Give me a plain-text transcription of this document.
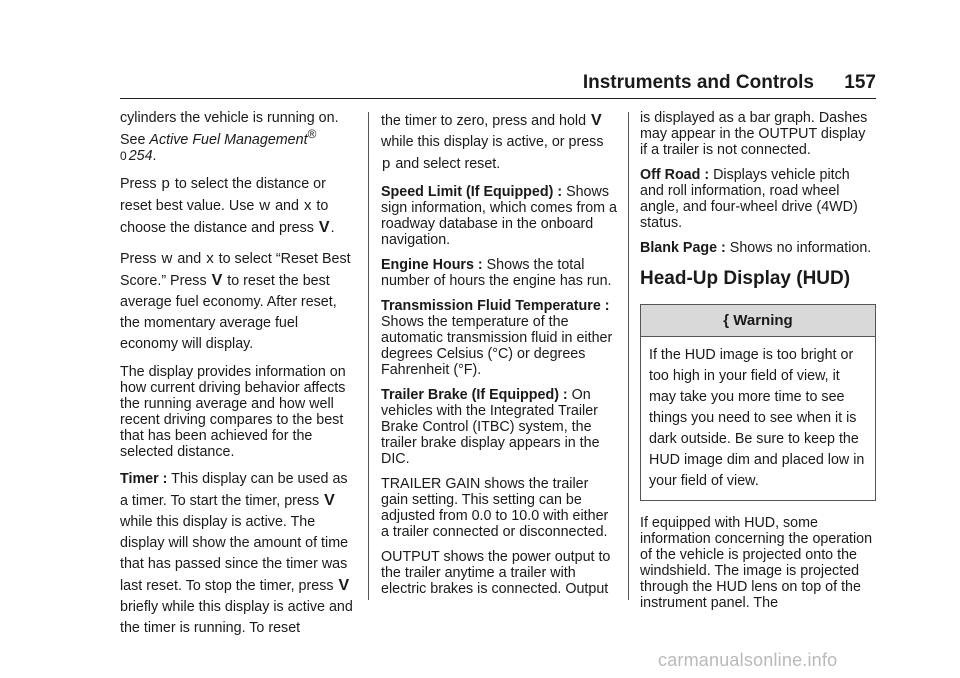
Instruments and Controls 157

cylinders the vehicle is running on. See Active Fuel Management®
0 254.

Press p to select the distance or reset best value. Use w and x to choose the distance and press V.

Press w and x to select “Reset Best Score.” Press V to reset the best average fuel economy. After reset, the momentary average fuel economy will display.

The display provides information on how current driving behavior affects the running average and how well recent driving compares to the best that has been achieved for the selected distance.

Timer : This display can be used as a timer. To start the timer, press V while this display is active. The display will show the amount of time that has passed since the timer was last reset. To stop the timer, press V briefly while this display is active and the timer is running. To reset

the timer to zero, press and hold V while this display is active, or press p and select reset.

Speed Limit (If Equipped) : Shows sign information, which comes from a roadway database in the onboard navigation.

Engine Hours : Shows the total number of hours the engine has run.

Transmission Fluid Temperature : Shows the temperature of the automatic transmission fluid in either degrees Celsius (°C) or degrees Fahrenheit (°F).

Trailer Brake (If Equipped) : On vehicles with the Integrated Trailer Brake Control (ITBC) system, the trailer brake display appears in the DIC.

TRAILER GAIN shows the trailer gain setting. This setting can be adjusted from 0.0 to 10.0 with either a trailer connected or disconnected.

OUTPUT shows the power output to the trailer anytime a trailer with electric brakes is connected. Output

is displayed as a bar graph. Dashes may appear in the OUTPUT display if a trailer is not connected.

Off Road : Displays vehicle pitch and roll information, road wheel angle, and four-wheel drive (4WD) status.

Blank Page : Shows no information.

Head-Up Display (HUD)
{ Warning
If the HUD image is too bright or too high in your field of view, it may take you more time to see things you need to see when it is dark outside. Be sure to keep the HUD image dim and placed low in your field of view.

If equipped with HUD, some information concerning the operation of the vehicle is projected onto the windshield. The image is projected through the HUD lens on top of the instrument panel. The

carmanualsonline.info
